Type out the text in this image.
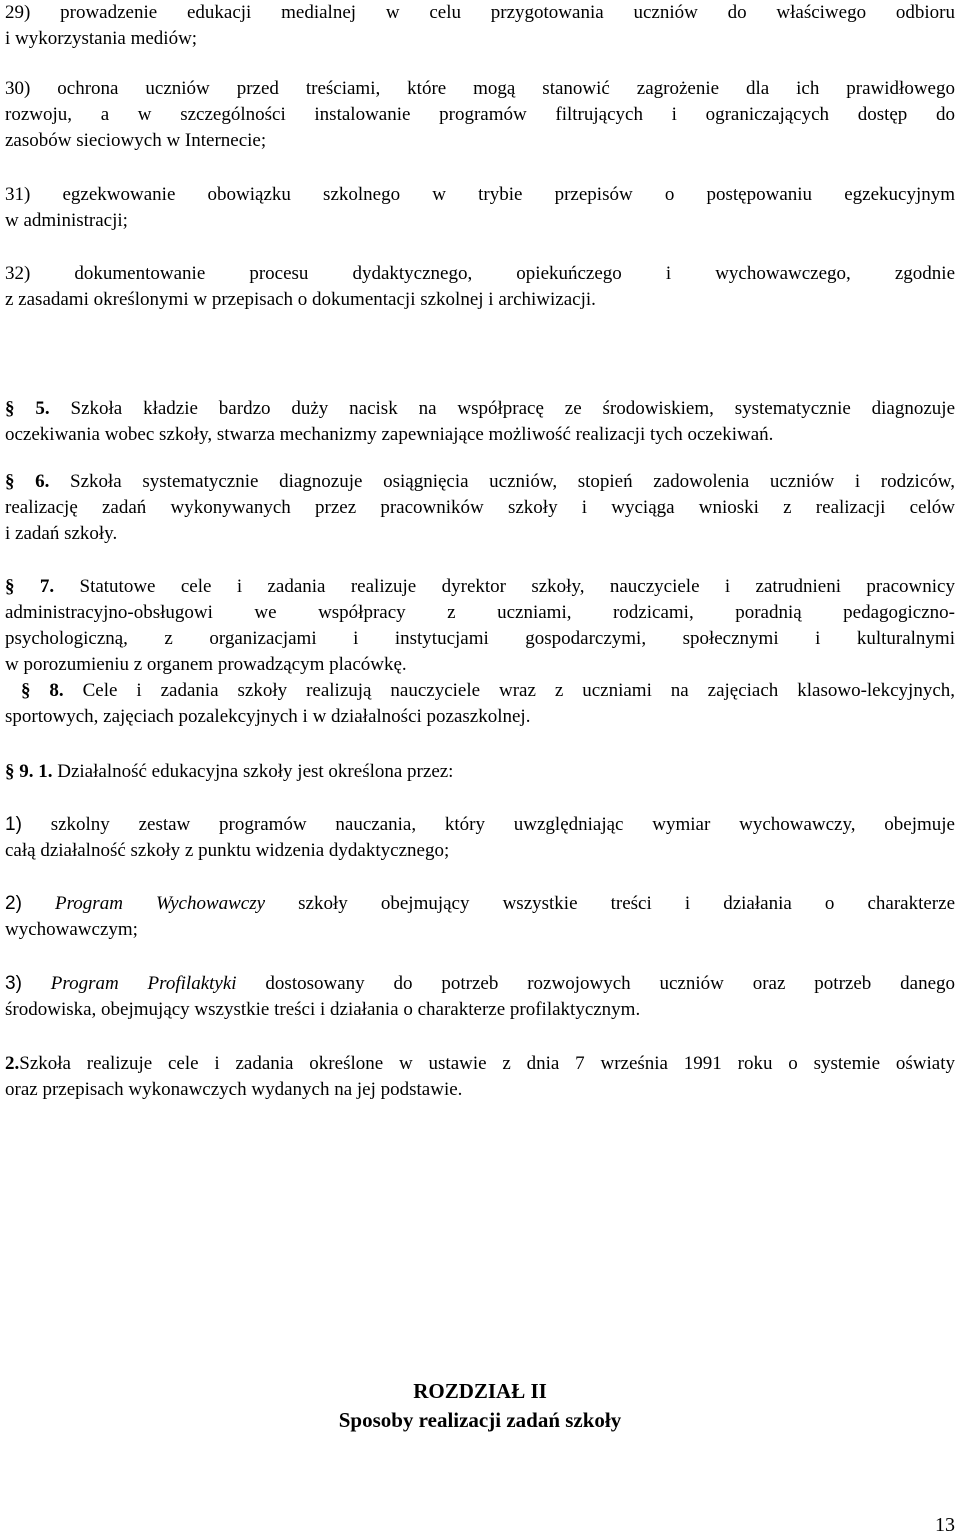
29) prowadzenie edukacji medialnej w celu przygotowania uczniów do właściwego odbioru
i wykorzystania mediów;
30) ochrona uczniów przed treściami, które mogą stanowić zagrożenie dla ich prawidłowego
rozwoju, a w szczególności instalowanie programów filtrujących i ograniczających dostęp do
zasobów sieciowych w Internecie;
31) egzekwowanie obowiązku szkolnego w trybie przepisów o postępowaniu egzekucyjnym
w administracji;
32) dokumentowanie procesu dydaktycznego, opiekuńczego i wychowawczego, zgodnie
z zasadami określonymi w przepisach o dokumentacji szkolnej i archiwizacji.
§ 5. Szkoła kładzie bardzo duży nacisk na współpracę ze środowiskiem, systematycznie diagnozuje
oczekiwania wobec szkoły, stwarza mechanizmy zapewniające możliwość realizacji tych oczekiwań.
§ 6. Szkoła systematycznie diagnozuje osiągnięcia uczniów, stopień zadowolenia uczniów i rodziców,
realizację zadań wykonywanych przez pracowników szkoły i wyciąga wnioski z realizacji celów
i zadań szkoły.
§ 7. Statutowe cele i zadania realizuje dyrektor szkoły, nauczyciele i zatrudnieni pracownicy
administracyjno-obsługowi we współpracy z uczniami, rodzicami, poradnią pedagogiczno-
psychologiczną, z organizacjami i instytucjami gospodarczymi, społecznymi i kulturalnymi
w porozumieniu z organem prowadzącym placówkę.
§ 8. Cele i zadania szkoły realizują nauczyciele wraz z uczniami na zajęciach klasowo-lekcyjnych,
sportowych, zajęciach pozalekcyjnych i w działalności pozaszkolnej.
§ 9. 1. Działalność edukacyjna szkoły jest określona przez:
1) szkolny zestaw programów nauczania, który uwzględniając wymiar wychowawczy, obejmuje
całą działalność szkoły z punktu widzenia dydaktycznego;
2) Program Wychowawczy szkoły obejmujący wszystkie treści i działania o charakterze
wychowawczym;
3) Program Profilaktyki dostosowany do potrzeb rozwojowych uczniów oraz potrzeb danego
środowiska, obejmujący wszystkie treści i działania o charakterze profilaktycznym.
2.Szkoła realizuje cele i zadania określone w ustawie z dnia 7 września 1991 roku o systemie oświaty
oraz przepisach wykonawczych wydanych na jej podstawie.
ROZDZIAŁ II
Sposoby realizacji zadań szkoły
13
